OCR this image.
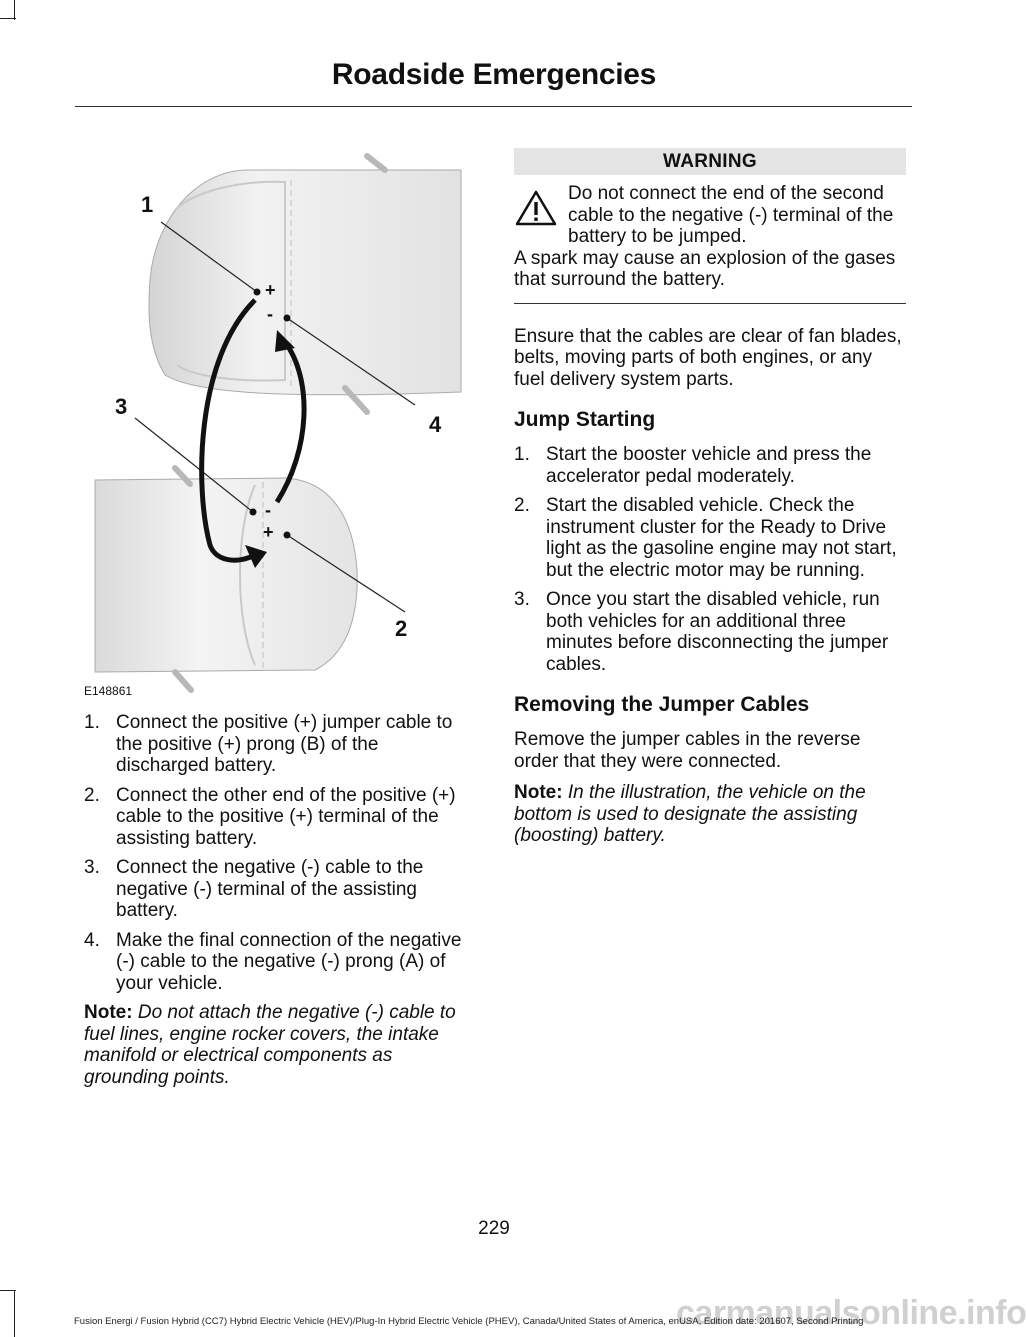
Roadside Emergencies
+
-
-
+
1
4
3
2
E148861
1. Connect the positive (+) jumper cable to the positive (+) prong (B) of the discharged battery.
2. Connect the other end of the positive (+) cable to the positive (+) terminal of the assisting battery.
3. Connect the negative (-) cable to the negative (-) terminal of the assisting battery.
4. Make the final connection of the negative (-) cable to the negative (-) prong (A) of your vehicle.
Note: Do not attach the negative (-) cable to fuel lines, engine rocker covers, the intake manifold or electrical components as grounding points.
WARNING
Do not connect the end of the second cable to the negative (-) terminal of the battery to be jumped.
A spark may cause an explosion of the gases that surround the battery.
Ensure that the cables are clear of fan blades, belts, moving parts of both engines, or any fuel delivery system parts.
Jump Starting
1. Start the booster vehicle and press the accelerator pedal moderately.
2. Start the disabled vehicle. Check the instrument cluster for the Ready to Drive light as the gasoline engine may not start, but the electric motor may be running.
3. Once you start the disabled vehicle, run both vehicles for an additional three minutes before disconnecting the jumper cables.
Removing the Jumper Cables
Remove the jumper cables in the reverse order that they were connected.
Note: In the illustration, the vehicle on the bottom is used to designate the assisting (boosting) battery.
229
carmanualsonline.info
Fusion Energi / Fusion Hybrid (CC7) Hybrid Electric Vehicle (HEV)/Plug-In Hybrid Electric Vehicle (PHEV), Canada/United States of America, enUSA, Edition date: 201607, Second Printing
